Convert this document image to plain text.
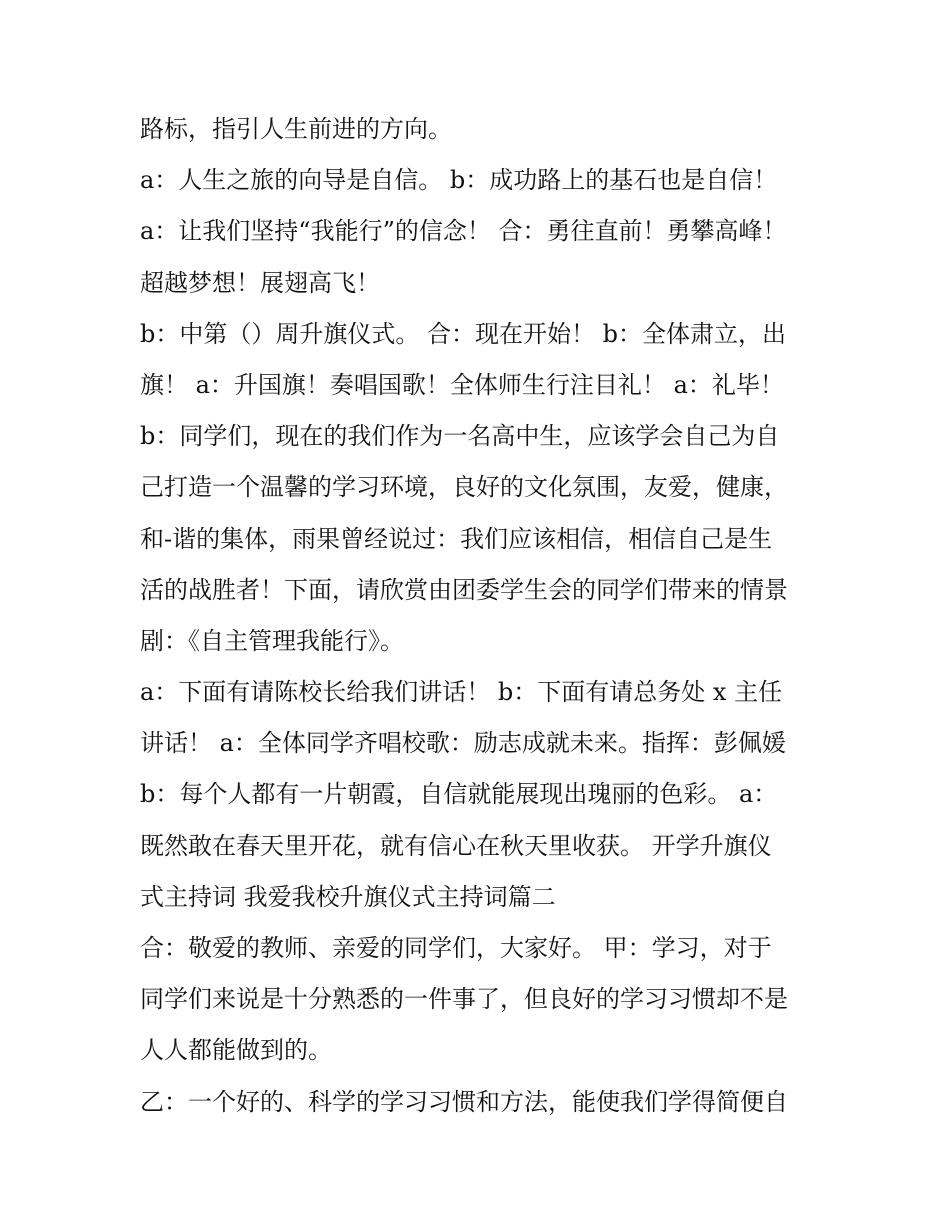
路标，指引人生前进的方向。
a：人生之旅的向导是自信。 b：成功路上的基石也是自信！
a：让我们坚持“我能行”的信念！ 合：勇往直前！勇攀高峰！
超越梦想！展翅高飞！
b：中第（）周升旗仪式。 合：现在开始！ b：全体肃立，出
旗！ a：升国旗！奏唱国歌！全体师生行注目礼！ a：礼毕！
b：同学们，现在的我们作为一名高中生，应该学会自己为自
己打造一个温馨的学习环境，良好的文化氛围，友爱，健康，
和-谐的集体，雨果曾经说过：我们应该相信，相信自己是生
活的战胜者！下面，请欣赏由团委学生会的同学们带来的情景
剧：《自主管理我能行》。
a：下面有请陈校长给我们讲话！ b：下面有请总务处 x 主任
讲话！ a：全体同学齐唱校歌：励志成就未来。指挥：彭佩媛
b：每个人都有一片朝霞，自信就能展现出瑰丽的色彩。 a：
既然敢在春天里开花，就有信心在秋天里收获。 开学升旗仪
式主持词 我爱我校升旗仪式主持词篇二
合：敬爱的教师、亲爱的同学们，大家好。 甲：学习，对于
同学们来说是十分熟悉的一件事了，但良好的学习习惯却不是
人人都能做到的。
乙：一个好的、科学的学习习惯和方法，能使我们学得简便自
